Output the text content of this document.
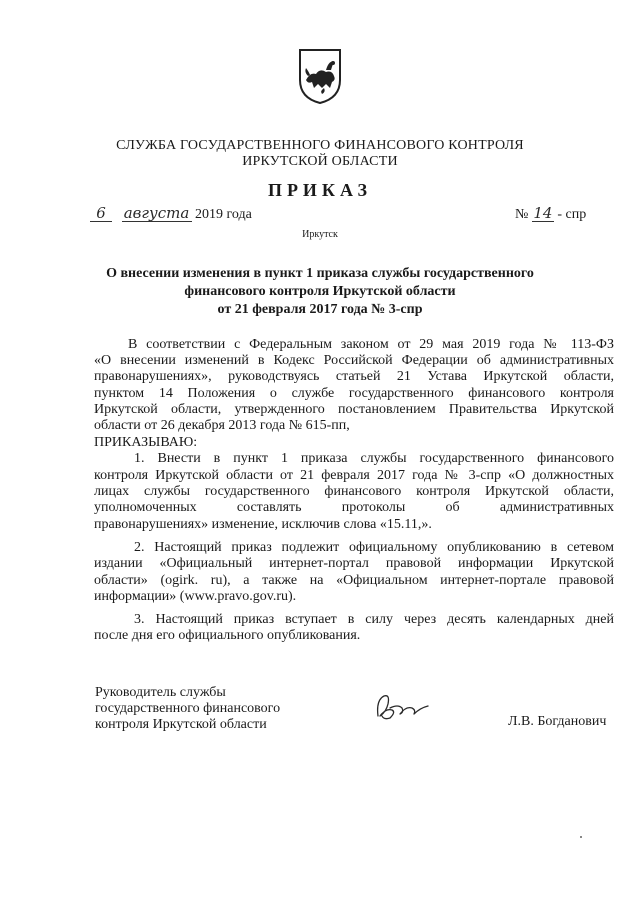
СЛУЖБА ГОСУДАРСТВЕННОГО ФИНАНСОВОГО КОНТРОЛЯ
ИРКУТСКОЙ ОБЛАСТИ
ПРИКАЗ
6 августа 2019 года	№ 14 - спр
Иркутск
О внесении изменения в пункт 1 приказа службы государственного
финансового контроля Иркутской области
от 21 февраля 2017 года № 3-спр
В соответствии с Федеральным законом от 29 мая 2019 года № 113-ФЗ
«О внесении изменений в Кодекс Российской Федерации об административных
правонарушениях», руководствуясь статьей 21 Устава Иркутской области,
пунктом 14 Положения о службе государственного финансового контроля
Иркутской области, утвержденного постановлением Правительства Иркутской
области от 26 декабря 2013 года № 615-пп,
ПРИКАЗЫВАЮ:
1. Внести в пункт 1 приказа службы государственного финансового
контроля Иркутской области от 21 февраля 2017 года № 3-спр «О должностных
лицах службы государственного финансового контроля Иркутской области,
уполномоченных составлять протоколы об административных
правонарушениях» изменение, исключив слова «15.11,».
2. Настоящий приказ подлежит официальному опубликованию в сетевом
издании «Официальный интернет-портал правовой информации Иркутской
области» (ogirk. ru), а также на «Официальном интернет-портале правовой
информации» (www.pravo.gov.ru).
3. Настоящий приказ вступает в силу через десять календарных дней
после дня его официального опубликования.
Руководитель службы
государственного финансового
контроля Иркутской области	Л.В. Богданович
